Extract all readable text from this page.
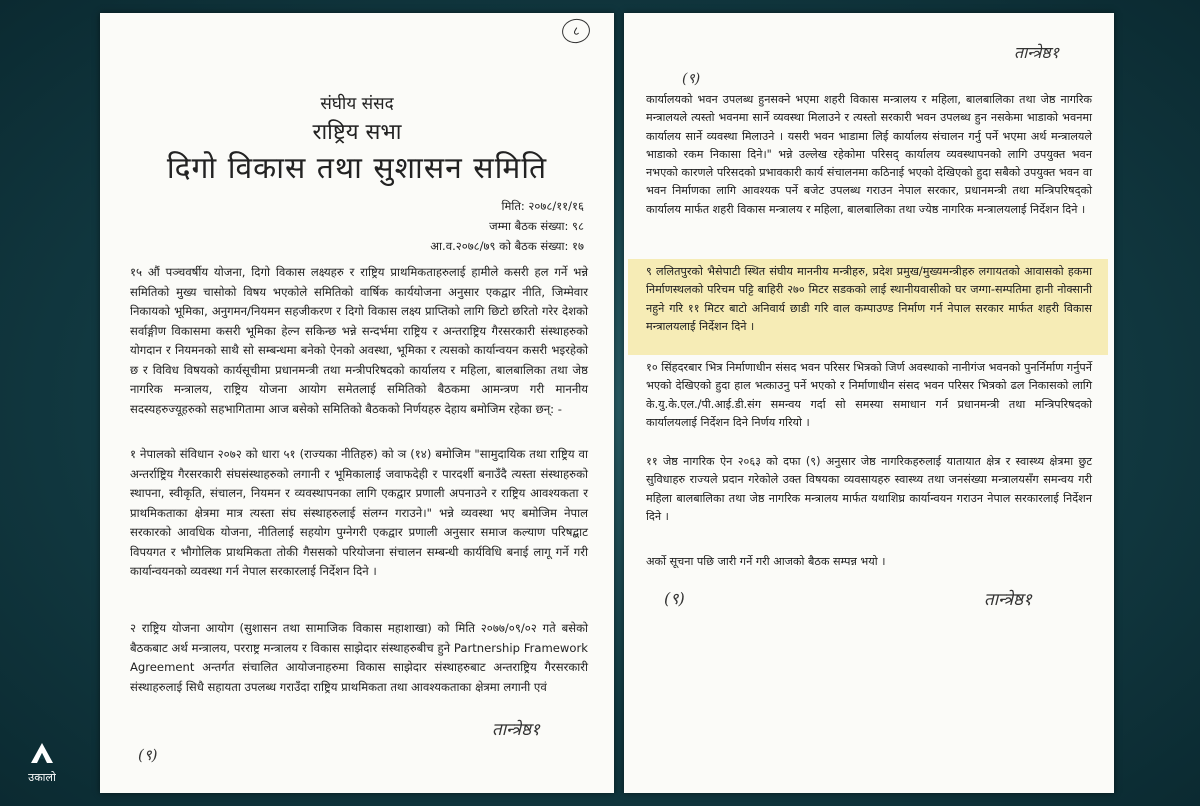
८
संघीय संसद
राष्ट्रिय सभा
दिगो विकास तथा सुशासन समिति
मिति: २०७८/११/१६
जम्मा बैठक संख्या: ९८
आ.व.२०७८/७९ को बैठक संख्या: १७

१५ औं पञ्चवर्षीय योजना, दिगो विकास लक्ष्यहरु र राष्ट्रिय प्राथमिकताहरुलाई हामीले कसरी हल गर्ने भन्ने समितिको मुख्य चासोको विषय भएकोले समितिको वार्षिक कार्ययोजना अनुसार एकद्वार नीति, जिम्मेवार निकायको भूमिका, अनुगमन/नियमन सहजीकरण र दिगो विकास लक्ष्य प्राप्तिको लागि छिटो छरितो गरेर देशको सर्वाङ्गीण विकासमा कसरी भूमिका हेल्न सकिन्छ भन्ने सन्दर्भमा राष्ट्रिय र अन्तराष्ट्रिय गैरसरकारी संस्थाहरुको योगदान र नियमनको साथै सो सम्बन्धमा बनेको ऐनको अवस्था, भूमिका र त्यसको कार्यान्वयन कसरी भइरहेको छ र विविध विषयको कार्यसूचीमा प्रधानमन्त्री तथा मन्त्रीपरिषदको कार्यालय र महिला, बालबालिका तथा जेष्ठ नागरिक मन्त्रालय, राष्ट्रिय योजना आयोग समेतलाई समितिको बैठकमा आमन्त्रण गरी माननीय सदस्यहरुज्यूहरुको सहभागितामा आज बसेको समितिको बैठकको निर्णयहरु देहाय बमोजिम रहेका छन्: -

१ नेपालको संविधान २०७२ को धारा ५१ (राज्यका नीतिहरु) को ञ (१४) बमोजिम "सामुदायिक तथा राष्ट्रिय वा अन्तर्राष्ट्रिय गैरसरकारी संघसंस्थाहरुको लगानी र भूमिकालाई जवाफदेही र पारदर्शी बनाउँदै त्यस्ता संस्थाहरुको स्थापना, स्वीकृति, संचालन, नियमन र व्यवस्थापनका लागि एकद्वार प्रणाली अपनाउने र राष्ट्रिय आवश्यकता र प्राथमिकताका क्षेत्रमा मात्र त्यस्ता संघ संस्थाहरुलाई संलग्न गराउने।" भन्ने व्यवस्था भए बमोजिम नेपाल सरकारको आवधिक योजना, नीतिलाई सहयोग पुग्नेगरी एकद्वार प्रणाली अनुसार समाज कल्याण परिषद्बाट विपयगत र भौगोलिक प्राथमिकता तोकी गैससको परियोजना संचालन सम्बन्धी कार्यविधि बनाई लागू गर्ने गरी कार्यान्वयनको व्यवस्था गर्न नेपाल सरकारलाई निर्देशन दिने ।

२ राष्ट्रिय योजना आयोग (सुशासन तथा सामाजिक विकास महाशाखा) को मिति २०७७/०९/०२ गते बसेको बैठकबाट अर्थ मन्त्रालय, परराष्ट्र मन्त्रालय र विकास साझेदार संस्थाहरुबीच हुने Partnership Framework Agreement अन्तर्गत संचालित आयोजनाहरुमा विकास साझेदार संस्थाहरुबाट अन्तराष्ट्रिय गैरसरकारी संस्थाहरुलाई सिधै सहायता उपलब्ध गराउँदा राष्ट्रिय प्राथमिकता तथा आवश्यकताका क्षेत्रमा लगानी एवं

(९)
तान्त्रेष्ठ१
तान्त्रेष्ठ१
(९)

कार्यालयको भवन उपलब्ध हुनसक्ने भएमा शहरी विकास मन्त्रालय र महिला, बालबालिका तथा जेष्ठ नागरिक मन्त्रालयले त्यस्तो भवनमा सार्ने व्यवस्था मिलाउने र त्यस्तो सरकारी भवन उपलब्ध हुन नसकेमा भाडाको भवनमा कार्यालय सार्ने व्यवस्था मिलाउने । यसरी भवन भाडामा लिई कार्यालय संचालन गर्नु पर्ने भएमा अर्थ मन्त्रालयले भाडाको रकम निकासा दिने।" भन्ने उल्लेख रहेकोमा परिसद् कार्यालय व्यवस्थापनको लागि उपयुक्त भवन नभएको कारणले परिसदको प्रभावकारी कार्य संचालनमा कठिनाई भएको देखिएको हुदा सबैको उपयुक्त भवन वा भवन निर्माणका लागि आवश्यक पर्ने बजेट उपलब्ध गराउन नेपाल सरकार, प्रधानमन्त्री तथा मन्त्रिपरिषद्को कार्यालय मार्फत शहरी विकास मन्त्रालय र महिला, बालबालिका तथा ज्येष्ठ नागरिक मन्त्रालयलाई निर्देशन दिने ।

९ ललितपुरको भैसेपाटी स्थित संघीय माननीय मन्त्रीहरु, प्रदेश प्रमुख/मुख्यमन्त्रीहरु लगायतको आवासको हकमा निर्माणस्थलको परिचम पट्टि बाहिरी २७० मिटर सडकको लाई स्थानीयवासीको घर जग्गा-सम्पतिमा हानी नोक्सानी नहुने गरि ११ मिटर बाटो अनिवार्य छाडी गरि वाल कम्पाउण्ड निर्माण गर्न नेपाल सरकार मार्फत शहरी विकास मन्त्रालयलाई निर्देशन दिने ।

१० सिंहदरबार भित्र निर्माणाधीन संसद भवन परिसर भित्रको जिर्ण अवस्थाको नानीगंज भवनको पुनर्निर्माण गर्नुपर्ने भएको देखिएको हुदा हाल भत्काउनु पर्ने भएको र निर्माणाधीन संसद भवन परिसर भित्रको ढल निकासको लागि के.यु.के.एल./पी.आई.डी.संग समन्वय गर्दा सो समस्या समाधान गर्न प्रधानमन्त्री तथा मन्त्रिपरिषदको कार्यालयलाई निर्देशन दिने निर्णय गरियो ।

११ जेष्ठ नागरिक ऐन २०६३ को दफा (९) अनुसार जेष्ठ नागरिकहरुलाई यातायात क्षेत्र र स्वास्थ्य क्षेत्रमा छुट सुविधाहरु राज्यले प्रदान गरेकोले उक्त विषयका व्यवसायहरु स्वास्थ्य तथा जनसंख्या मन्त्रालयसँग समन्वय गरी महिला बालबालिका तथा जेष्ठ नागरिक मन्त्रालय मार्फत यथाशिघ्र कार्यान्वयन गराउन नेपाल सरकारलाई निर्देशन दिने ।

अर्को सूचना पछि जारी गर्ने गरी आजको बैठक सम्पन्न भयो ।

(९)	तान्त्रेष्ठ१
उकालो
